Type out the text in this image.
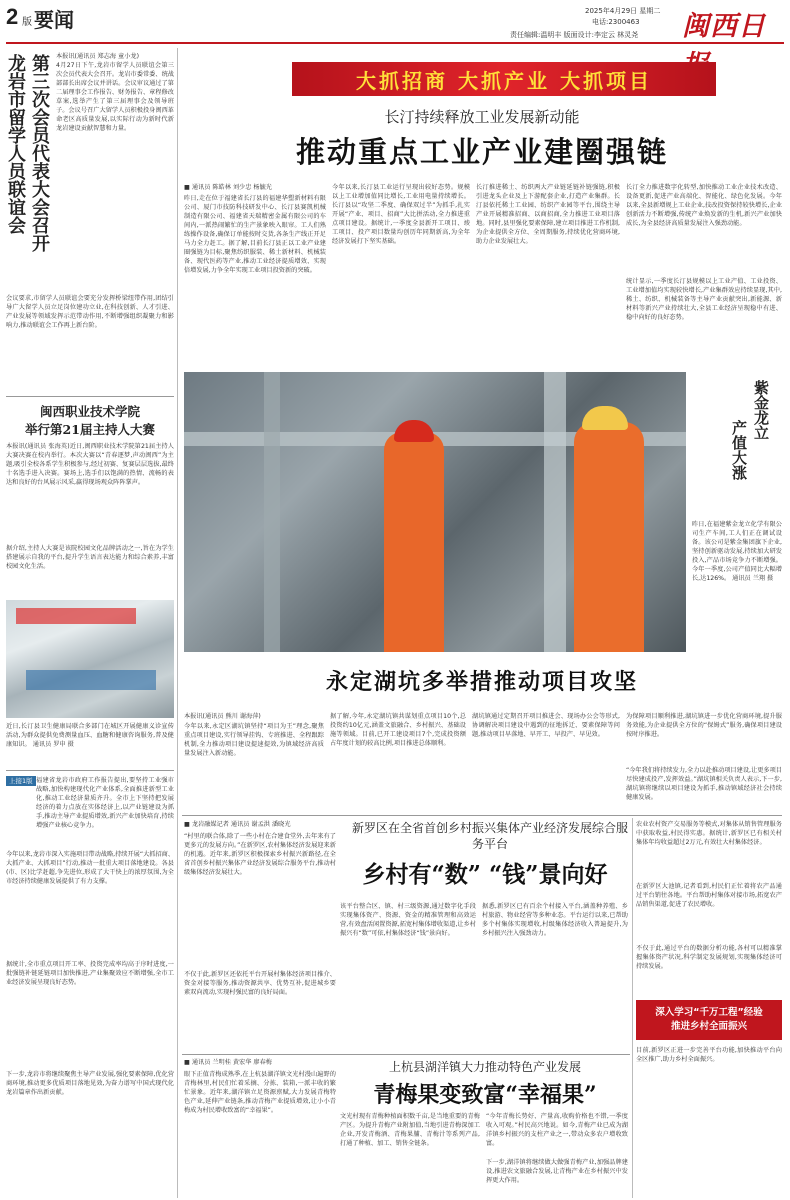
2 版 要闻	2025年4月29日 星期二
电话:2300463
责任编辑:温明丰 版面设计:李定云 林灵尧 闽西日
龙岩市留学人员联谊会 第三次会员代表大会召开 本报讯(通讯员 郑志海 童小龙)
4月27日下午,龙岩市留学人员联谊会第三次会员代表大会召开。龙岩市委常委、统战部部长出席会议并讲话。会议审议通过了第二届理事会工作报告、财务报告、章程修改草案,选举产生了第三届理事会及领导班子。会议号召广大留学人员积极投身闽西革命老区高质量发展,以实际行动为新时代新龙岩建设贡献智慧和力量。
会议要求,市留学人员联谊会要充分发挥桥梁纽带作用,团结引导广大留学人员立足岗位建功立业,在科技创新、人才引进、产业发展等领域发挥示范带动作用,不断增强组织凝聚力和影响力,推动联谊会工作再上新台阶。
闽西职业技术学院
举行第21届主持人大赛
本报讯(通讯员 张海英)近日,闽西职业技术学院第21届主持人大赛决赛在校内举行。本次大赛以“青春逐梦,声动闽西”为主题,吸引全校各系学生积极参与,经过初赛、复赛层层选拔,最终十名选手进入决赛。赛场上,选手们以饱满的热情、流畅的表达和良好的台风展示风采,赢得现场观众阵阵掌声。
据介绍,主持人大赛是该院校园文化品牌活动之一,旨在为学生搭建展示自我的平台,提升学生语言表达能力和综合素养,丰富校园文化生活。
近日,长汀县卫生健康局联合多部门在城区开展健康义诊宣传活动,为群众提供免费测量血压、血糖和健康咨询服务,普及健康知识。 通讯员 罗申 摄
上接1版 福建省龙岩市政府工作报告提出,要坚持工业强市战略,加快构建现代化产业体系,全面推进新型工业化,推动工业经济量质齐升。全市上下坚持把发展经济的着力点放在实体经济上,以产业链建设为抓手,推动主导产业提质增效,新兴产业加快培育,持续增强产业核心竞争力。
今年以来,龙岩市深入实施项目带动战略,持续开展“大抓招商、大抓产业、大抓项目”行动,推动一批重大项目落地建设。各县(市、区)比学赶超,争先进位,形成了大干快上的浓厚氛围,为全市经济持续健康发展提供了有力支撑。
据统计,全市重点项目开工率、投资完成率均高于序时进度,一批强链补链延链项目加快推进,产业集聚效应不断增强,全市工业经济发展呈现良好态势。
下一步,龙岩市将继续聚焦主导产业发展,强化要素保障,优化营商环境,推动更多优质项目落地见效,为奋力谱写中国式现代化龙岩篇章作出新贡献。
大抓招商 大抓产业 大抓项目
长汀持续释放工业发展新动能
推动重点工业产业建圈强链
■ 通讯员 陈皓林 刘少忠 杨毓光
昨日,走在位于福建省长汀县的福建华塑新材料有限公司、厦门市技防科技研发中心、长汀县赛凯机械制造有限公司、福建省天瑞精密金属有限公司的车间内,一派热闹繁忙的生产景象映入眼帘。工人们熟练操作设备,确保订单能按时交货,各条生产线正开足马力全力赶工。据了解,目前长汀县正以工业产业建圈强链为目标,聚焦纺织服装、稀土新材料、机械装备、现代医药等产业,推动工业经济提质增效、实现倍增发展,力争全年实现工业项目投资新的突破。
今年以来,长汀县工业运行呈现出较好态势。规模以上工业增加值同比增长,工业用电量持续增长。长汀县以“攻坚二季度、确保双过半”为抓手,扎实开展“产业、项目、招商”大比拼活动,全力推进重点项目建设。据统计,一季度全县新开工项目、竣工项目、投产项目数量均创历年同期新高,为全年经济发展打下坚实基础。
长汀推进稀土、纺织两大产业链延链补链强链,积极引进龙头企业及上下游配套企业,打造产业集群。长汀县依托稀土工业园、纺织产业园等平台,围绕主导产业开展精准招商、以商招商,全力推进工业项目落地。同时,县里强化要素保障,建立项目推进工作机制,为企业提供全方位、全周期服务,持续优化营商环境,助力企业发展壮大。
长汀全力推进数字化转型,加快推动工业企业技术改造、设备更新,促进产业高端化、智能化、绿色化发展。今年以来,全县新增规上工业企业,技改投资保持较快增长,企业创新活力不断增强,传统产业焕发新的生机,新兴产业加快成长,为全县经济高质量发展注入强劲动能。
统计显示,一季度长汀县规模以上工业产值、工业投资、工业增加值均实现较快增长,产业集群效应持续显现,其中,稀土、纺织、机械装备等主导产业贡献突出,新能源、新材料等新兴产业持续壮大,全县工业经济呈现稳中有进、稳中向好的良好态势。
紫金龙立
产值大涨
昨日,在福建紫金龙立化学有限公司生产车间,工人们正在调试设备。该公司是紫金集团旗下企业,坚持创新驱动发展,持续加大研发投入,产品市场竞争力不断增强。今年一季度,公司产值同比大幅增长,达126%。 通讯员 兰翔 摄
永定湖坑多举措推动项目攻坚
本报讯(通讯员 熊川 谢海萍)
今年以来,永定区湖坑镇坚持“项目为王”理念,聚焦重点项目建设,实行领导挂钩、专班推进、全程跟踪机制,全力推动项目建设提速提效,为镇域经济高质量发展注入新动能。
据了解,今年,永定湖坑镇共谋划重点项目10个,总投资约10亿元,涵盖文旅融合、乡村振兴、基础设施等领域。目前,已开工建设项目7个,完成投资额占年度计划的较高比例,项目推进总体顺利。
湖坑镇通过定期召开项目推进会、现场办公会等形式,协调解决项目建设中遇到的征地拆迁、要素保障等问题,推动项目早落地、早开工、早投产、早见效。
为保障项目顺利推进,湖坑镇进一步优化营商环境,提升服务效能,为企业提供全方位的“保姆式”服务,确保项目建设按时序推进。
“今年我们将持续发力,全力以赴推动项目建设,让更多项目尽快建成投产,发挥效益。”湖坑镇相关负责人表示,下一步,湖坑镇将继续以项目建设为抓手,推动镇域经济社会持续健康发展。
■ 龙岩融媒记者 通讯员 谢孟洪 潘晓光	新罗区在全省首创乡村振兴集体产业经济发展综合服务平台
乡村有“数” “钱”景向好
“村里的联合体,除了一些小村在合建食堂外,去年来有了更多元的发展方向。”在新罗区,农村集体经济发展迎来新的机遇。近年来,新罗区积极探索乡村振兴新路径,在全省首创乡村振兴集体产业经济发展综合服务平台,推动村级集体经济发展壮大。
该平台整合区、镇、村三级资源,通过数字化手段实现集体资产、资源、资金的精准管理和高效运营,有效盘活闲置资源,拓宽村集体增收渠道,让乡村振兴有“数”可依,村集体经济“钱”景向好。
据悉,新罗区已有百余个村接入平台,涵盖种养殖、乡村旅游、物业经营等多种业态。平台运行以来,已帮助多个村集体实现增收,村级集体经济收入普遍提升,为乡村振兴注入强劲动力。
不仅于此,新罗区还依托平台开展村集体经济项目推介、资金对接等服务,推动资源共享、优势互补,促进城乡要素双向流动,实现村强民富的良好局面。
农业农村资产交易服务等模式,对集体从销售管理服务中获取收益,村民得实惠。据统计,新罗区已有相关村集体年均收益超过2万元,有效壮大村集体经济。
在新罗区大池镇,记者看到,村民们正忙着将农产品通过平台销往各地。平台帮助村集体对接市场,拓宽农产品销售渠道,促进了农民增收。
不仅于此,通过平台的数据分析功能,各村可以精准掌握集体资产状况,科学制定发展规划,实现集体经济可持续发展。
深入学习“千万工程”经验
推进乡村全面振兴
目前,新罗区正进一步完善平台功能,加快推动平台向全区推广,助力乡村全面振兴。
■ 通讯员 兰明桂 黄宏华 廖春梅	上杭县湖洋镇大力推动特色产业发展
青梅果变致富“幸福果”
眼下正值青梅成熟季,在上杭县湖洋镇文光村漫山遍野的青梅林里,村民们忙着采摘、分拣、装箱,一派丰收的繁忙景象。近年来,湖洋镇立足资源禀赋,大力发展青梅特色产业,延伸产业链条,推动青梅产业提质增效,让小小青梅成为村民增收致富的“幸福果”。
文光村现有青梅种植面积数千亩,是当地重要的青梅产区。为提升青梅产业附加值,当地引进青梅深加工企业,开发青梅酒、青梅果脯、青梅汁等系列产品,打通了种植、加工、销售全链条。
“今年青梅长势好、产量高,收购价格也不错,一季度收入可观。”村民高兴地说。如今,青梅产业已成为湖洋镇乡村振兴的支柱产业之一,带动众多农户增收致富。
下一步,湖洋镇将继续做大做强青梅产业,加强品牌建设,推进农文旅融合发展,让青梅产业在乡村振兴中发挥更大作用。
